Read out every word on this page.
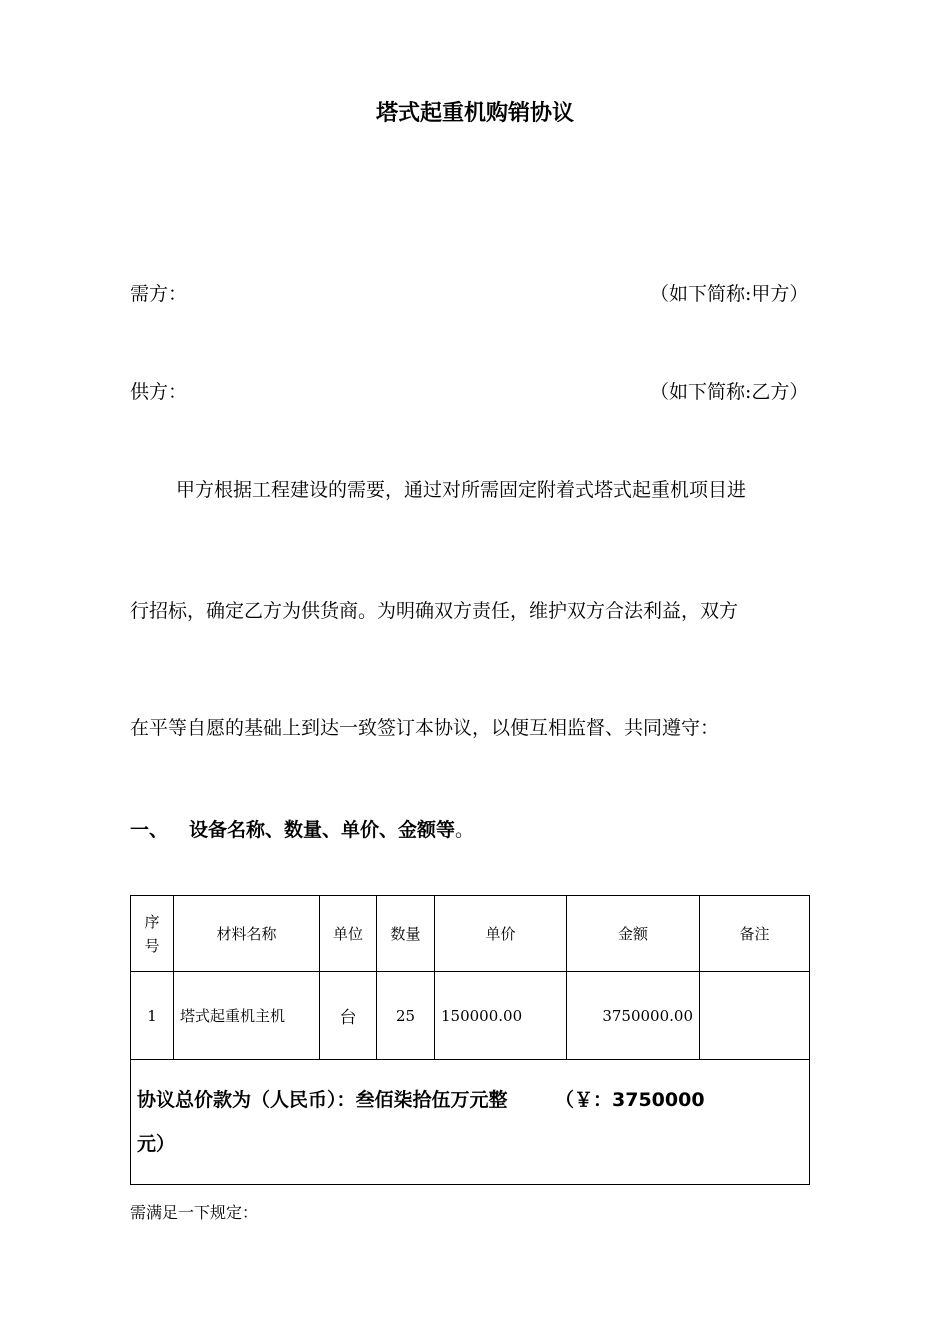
塔式起重机购销协议
需方：	（如下简称:甲方）
供方：	（如下简称:乙方）
甲方根据工程建设的需要，通过对所需固定附着式塔式起重机项目进
行招标，确定乙方为供货商。为明确双方责任，维护双方合法利益，双方
在平等自愿的基础上到达一致签订本协议，以便互相监督、共同遵守：
一、 设备名称、数量、单价、金额等。
序
号	材料名称	单位	数量	单价	金额	备注
1	塔式起重机主机	台	25	150000.00	3750000.00	

协议总价款为（人民币）：叁佰柒拾伍万元整　　　（￥：3750000
元）						
需满足一下规定：
